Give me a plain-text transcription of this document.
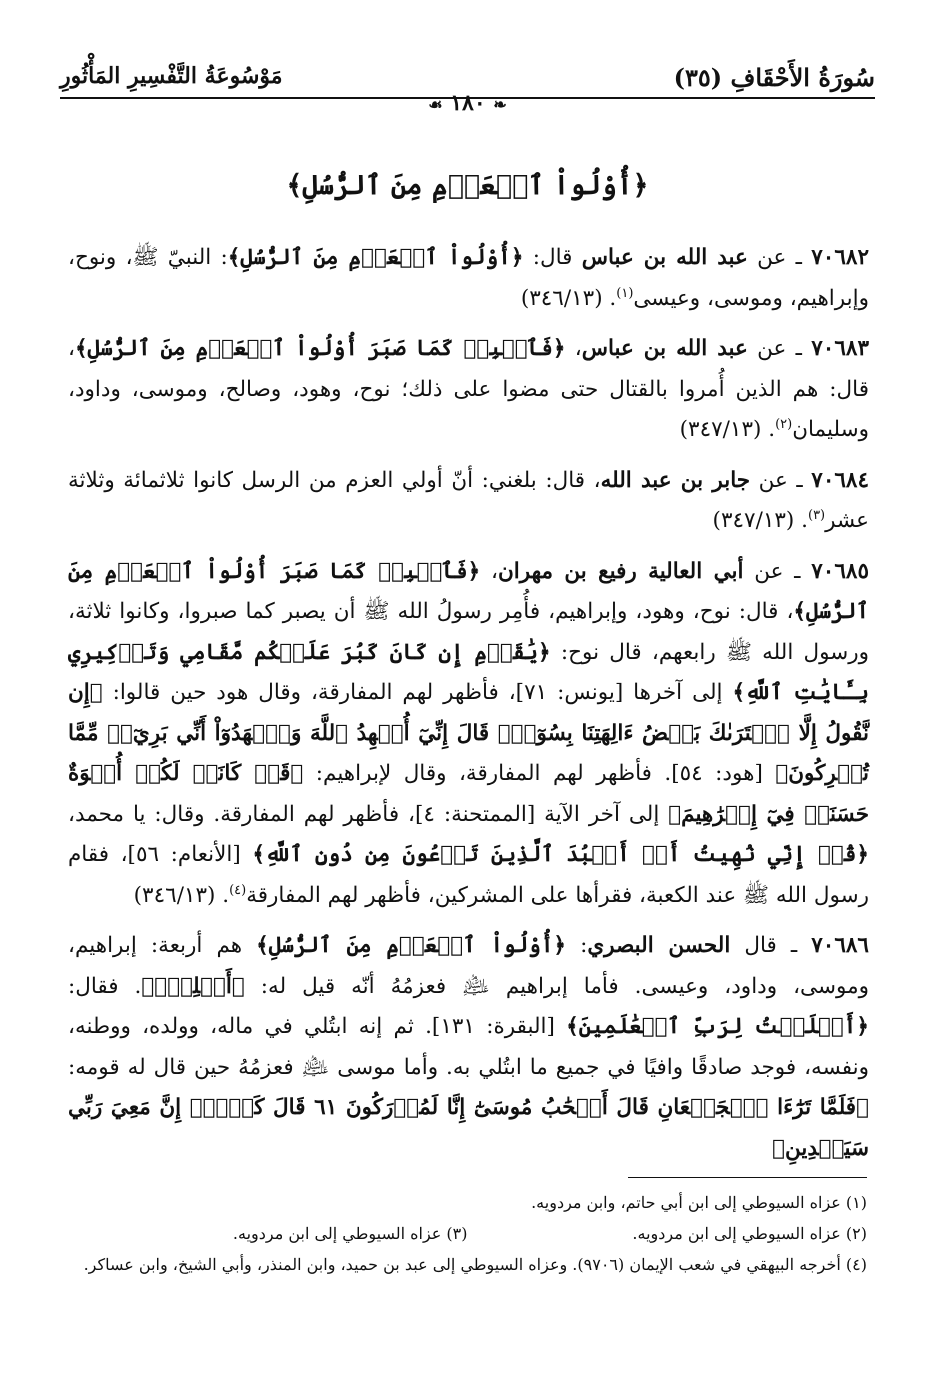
سُورَةُ الأَحْقَافِ (٣٥)
مَوْسُوعَةُ التَّفْسِيرِ المَأْثُورِ
❧ ١٨٠ ☙
﴿أُوْلُواْ ٱلۡعَزۡمِ مِنَ ٱلرُّسُلِ﴾

٧٠٦٨٢ ـ عن عبد الله بن عباس قال: ﴿أُوْلُواْ ٱلۡعَزۡمِ مِنَ ٱلرُّسُلِ﴾: النبيّ ﷺ، ونوح، وإبراهيم، وموسى، وعيسى$^{(١)}$. (٣٤٦/١٣)

٧٠٦٨٣ ـ عن عبد الله بن عباس، ﴿فَٱصۡبِرۡ كَمَا صَبَرَ أُوْلُواْ ٱلۡعَزۡمِ مِنَ ٱلرُّسُلِ﴾، قال: هم الذين أُمروا بالقتال حتى مضوا على ذلك؛ نوح، وهود، وصالح، وموسى، وداود، وسليمان$^{(٢)}$. (٣٤٧/١٣)

٧٠٦٨٤ ـ عن جابر بن عبد الله، قال: بلغني: أنّ أولي العزم من الرسل كانوا ثلاثمائة وثلاثة عشر$^{(٣)}$. (٣٤٧/١٣)

٧٠٦٨٥ ـ عن أبي العالية رفيع بن مهران، ﴿فَٱصۡبِرۡ كَمَا صَبَرَ أُوْلُواْ ٱلۡعَزۡمِ مِنَ ٱلرُّسُلِ﴾، قال: نوح، وهود، وإبراهيم، فأُمِر رسولُ الله ﷺ أن يصبر كما صبروا، وكانوا ثلاثة، ورسول الله ﷺ رابعهم، قال نوح: ﴿يَٰقَوۡمِ إِن كَانَ كَبُرَ عَلَيۡكُم مَّقَامِي وَتَذۡكِيرِي بِـَٔايَٰتِ ٱللَّهِ﴾ إلى آخرها [يونس: ٧١]، فأظهر لهم المفارقة، وقال هود حين قالوا: ﴿إِن نَّقُولُ إِلَّا ٱعۡتَرَىٰكَ بَعۡضُ ءَالِهَتِنَا بِسُوٓءٖۗ قَالَ إِنِّيٓ أُشۡهِدُ ٱللَّهَ وَٱشۡهَدُوٓاْ أَنِّي بَرِيٓءٞ مِّمَّا تُشۡرِكُونَ﴾ [هود: ٥٤]. فأظهر لهم المفارقة، وقال لإبراهيم: ﴿قَدۡ كَانَتۡ لَكُمۡ أُسۡوَةٌ حَسَنَةٞ فِيٓ إِبۡرَٰهِيمَ﴾ إلى آخر الآية [الممتحنة: ٤]، فأظهر لهم المفارقة. وقال: يا محمد، ﴿قُلۡ إِنِّي نُهِيتُ أَنۡ أَعۡبُدَ ٱلَّذِينَ تَدۡعُونَ مِن دُونِ ٱللَّهِ﴾ [الأنعام: ٥٦]، فقام رسول الله ﷺ عند الكعبة، فقرأها على المشركين، فأظهر لهم المفارقة$^{(٤)}$. (٣٤٦/١٣)

٧٠٦٨٦ ـ قال الحسن البصري: ﴿أُوْلُواْ ٱلۡعَزۡمِ مِنَ ٱلرُّسُلِ﴾ هم أربعة: إبراهيم، وموسى، وداود، وعيسى. فأما إبراهيم ﵇ فعزمُهُ أنّه قيل له: ﴿أَسۡلِمۡۖ﴾. فقال: ﴿أَسۡلَمۡتُ لِرَبِّ ٱلۡعَٰلَمِينَ﴾ [البقرة: ١٣١]. ثم إنه ابتُلي في ماله، وولده، ووطنه، ونفسه، فوجد صادقًا وافيًا في جميع ما ابتُلي به. وأما موسى ﵇ فعزمُهُ حين قال له قومه: ﴿فَلَمَّا تَرَٰٓءَا ٱلۡجَمۡعَانِ قَالَ أَصۡحَٰبُ مُوسَىٰٓ إِنَّا لَمُدۡرَكُونَ ٦١ قَالَ كَلَّآۖ إِنَّ مَعِيَ رَبِّي سَيَهۡدِينِ﴾

(١) عزاه السيوطي إلى ابن أبي حاتم، وابن مردويه.
(٢) عزاه السيوطي إلى ابن مردويه.
(٣) عزاه السيوطي إلى ابن مردويه.
(٤) أخرجه البيهقي في شعب الإيمان (٩٧٠٦). وعزاه السيوطي إلى عبد بن حميد، وابن المنذر، وأبي الشيخ، وابن عساكر.
